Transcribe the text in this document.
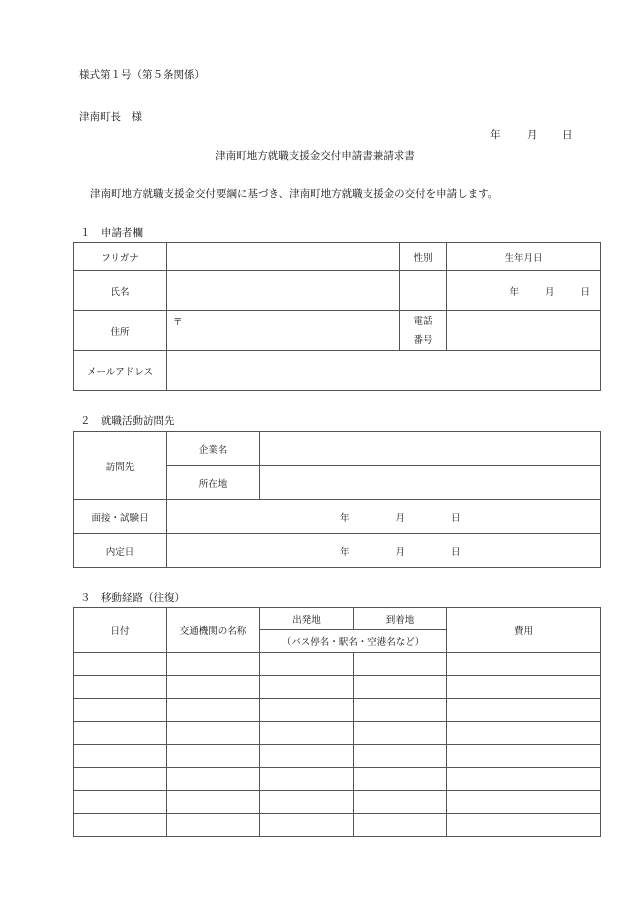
様式第１号（第５条関係）
津南町長　様
年	月 日
津南町地方就職支援金交付申請書兼請求書
津南町地方就職支援金交付要綱に基づき、津南町地方就職支援金の交付を申請します。
１　申請者欄
フリガナ		性別	生年月日
氏名			年 月 日
住所	〒	電話
番号	

メールアドレス			
２　就職活動訪問先
訪問先	企業名	
	所在地	
面接・試験日	年 月 日	
内定日	年 月 日	
３　移動経路（往復）
日付	交通機関の名称	出発地	到着地	費用
		（バス停名・駅名・空港名など）		
